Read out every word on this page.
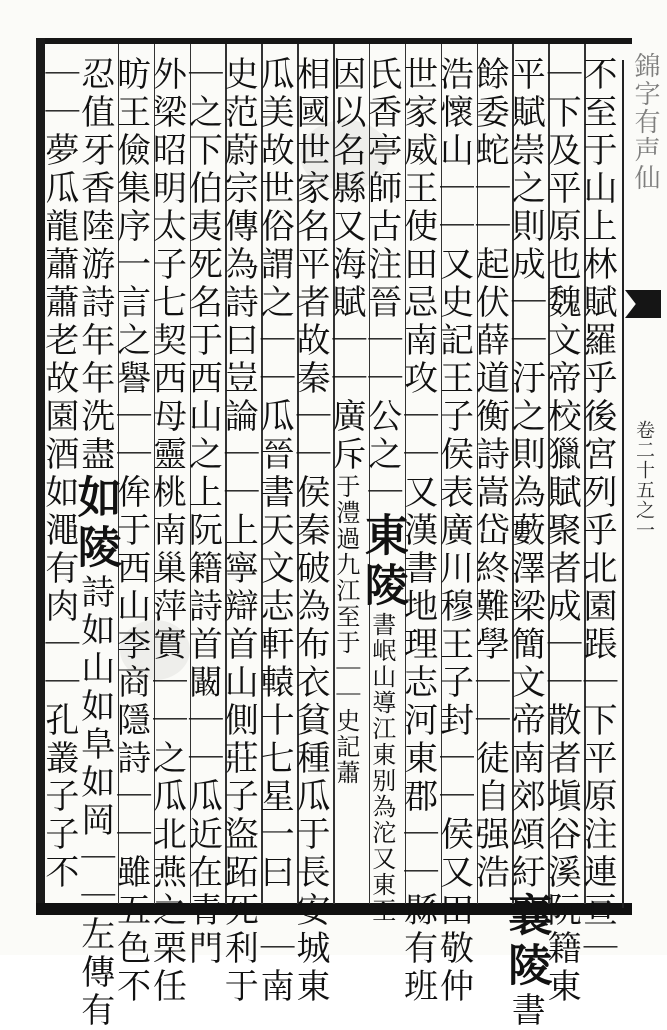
錦字有声仙
卷二十五之一
不至于山上林賦羅乎後宮列乎北園䠆｜下平原注連亘｜
｜下及平原也魏文帝校獵賦聚者成｜｜散者塡谷溪阮籍東
平賦崇之則成｜｜汙之則為藪澤梁簡文帝南郊頌紆襄陵書
餘委蛇｜｜起伏薛道衡詩嵩岱終難學｜｜徒自强浩
浩懷山｜｜又史記王子侯表廣川穆王子封｜｜侯又田敬仲
世家威王使田忌南攻｜｜又漢書地理志河東郡｜｜縣有班
氏香亭師古注晉｜｜公之｜東陵書岷山導江東别為沱又東至
因以名縣又海賦｜｜廣斥于澧過九江至于｜｜史記蕭
相國世家名平者故秦｜｜侯秦破為布衣貧種瓜于長安城東
瓜美故世俗謂之｜｜瓜晉書天文志軒轅十七星一曰｜｜南
史范蔚宗傳為詩曰豈論｜｜上寧辯首山側莊子盜跖死利于
｜之下伯夷死名于西山之上阮籍詩首闞｜｜瓜近在青門
外梁昭明太子七契西母靈桃南巢萍實｜｜之瓜北燕之栗任
昉王儉集序一言之譽｜｜侔于西山李商隱詩｜｜雖五色不
忍值牙香陸游詩年年洗盡如陵詩如山如阜如岡｜｜左傳有
｜｜夢瓜龍蕭蕭老故園酒如澠有肉｜｜孔叢子子不
